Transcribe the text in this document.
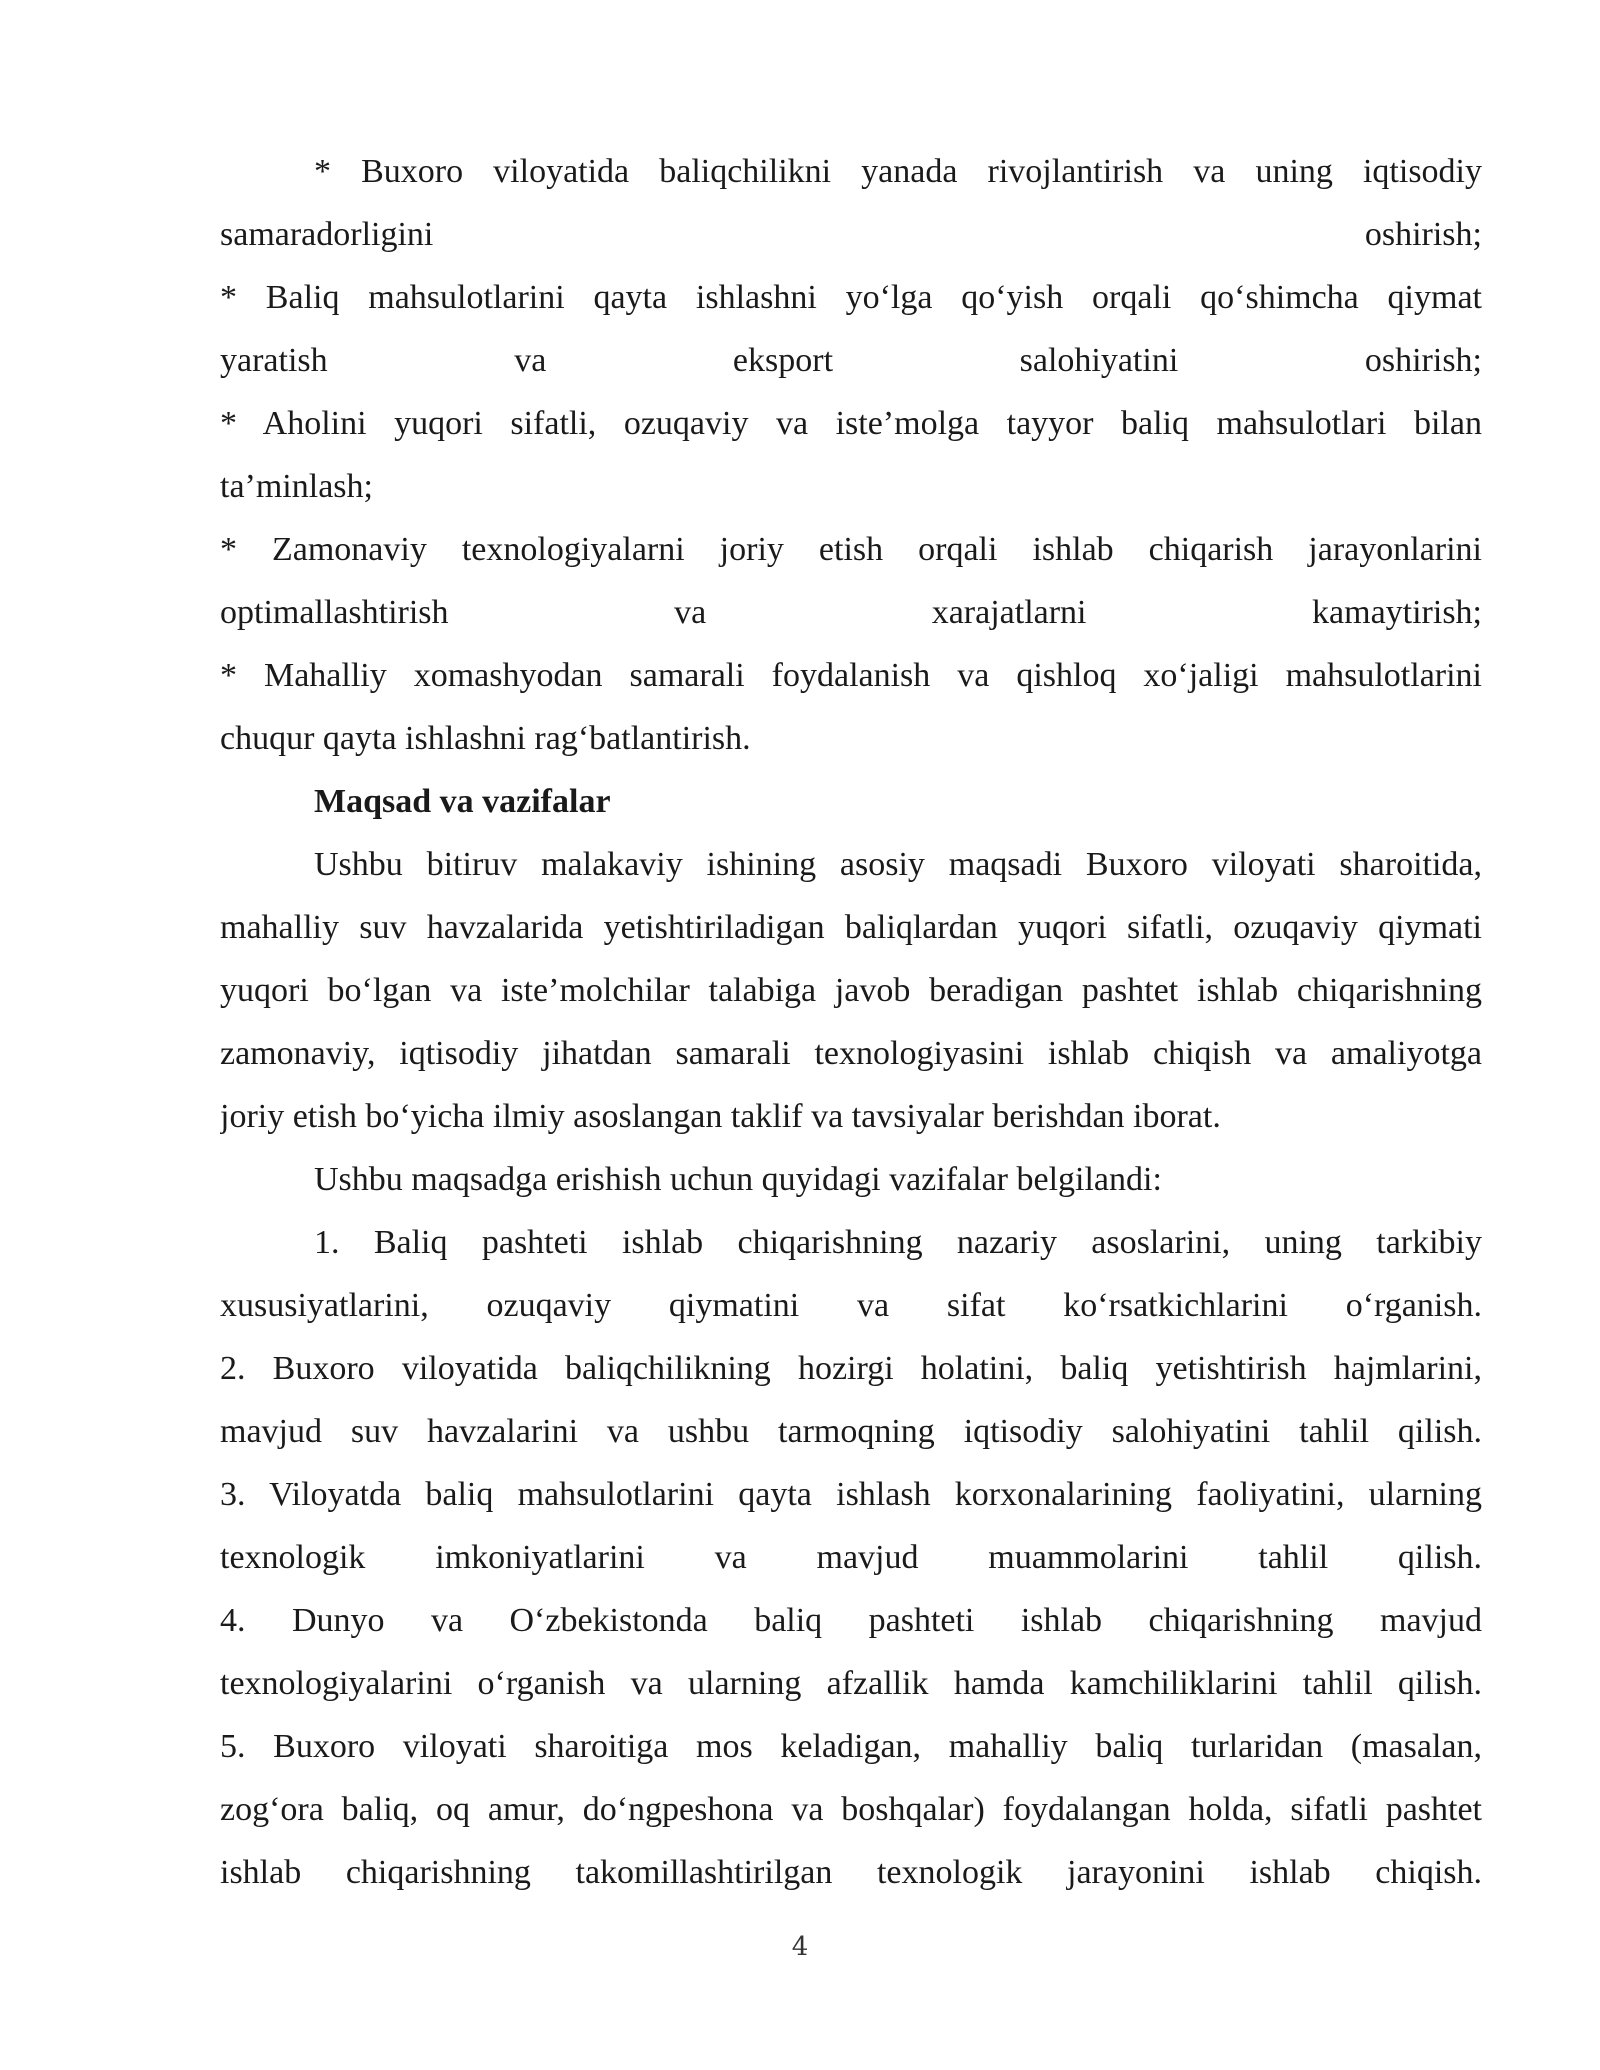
* Buxoro viloyatida baliqchilikni yanada rivojlantirish va uning iqtisodiy
samaradorligini oshirish;
* Baliq mahsulotlarini qayta ishlashni yo‘lga qo‘yish orqali qo‘shimcha qiymat
yaratish va eksport salohiyatini oshirish;
* Aholini yuqori sifatli, ozuqaviy va iste’molga tayyor baliq mahsulotlari bilan
ta’minlash;
* Zamonaviy texnologiyalarni joriy etish orqali ishlab chiqarish jarayonlarini
optimallashtirish va xarajatlarni kamaytirish;
* Mahalliy xomashyodan samarali foydalanish va qishloq xo‘jaligi mahsulotlarini
chuqur qayta ishlashni rag‘batlantirish.
Maqsad va vazifalar
Ushbu bitiruv malakaviy ishining asosiy maqsadi Buxoro viloyati sharoitida,
mahalliy suv havzalarida yetishtiriladigan baliqlardan yuqori sifatli, ozuqaviy qiymati
yuqori bo‘lgan va iste’molchilar talabiga javob beradigan pashtet ishlab chiqarishning
zamonaviy, iqtisodiy jihatdan samarali texnologiyasini ishlab chiqish va amaliyotga
joriy etish bo‘yicha ilmiy asoslangan taklif va tavsiyalar berishdan iborat.
Ushbu maqsadga erishish uchun quyidagi vazifalar belgilandi:
1. Baliq pashteti ishlab chiqarishning nazariy asoslarini, uning tarkibiy
xususiyatlarini, ozuqaviy qiymatini va sifat ko‘rsatkichlarini o‘rganish.
2. Buxoro viloyatida baliqchilikning hozirgi holatini, baliq yetishtirish hajmlarini,
mavjud suv havzalarini va ushbu tarmoqning iqtisodiy salohiyatini tahlil qilish.
3. Viloyatda baliq mahsulotlarini qayta ishlash korxonalarining faoliyatini, ularning
texnologik imkoniyatlarini va mavjud muammolarini tahlil qilish.
4. Dunyo va O‘zbekistonda baliq pashteti ishlab chiqarishning mavjud
texnologiyalarini o‘rganish va ularning afzallik hamda kamchiliklarini tahlil qilish.
5. Buxoro viloyati sharoitiga mos keladigan, mahalliy baliq turlaridan (masalan,
zog‘ora baliq, oq amur, do‘ngpeshona va boshqalar) foydalangan holda, sifatli pashtet
ishlab chiqarishning takomillashtirilgan texnologik jarayonini ishlab chiqish.
4
